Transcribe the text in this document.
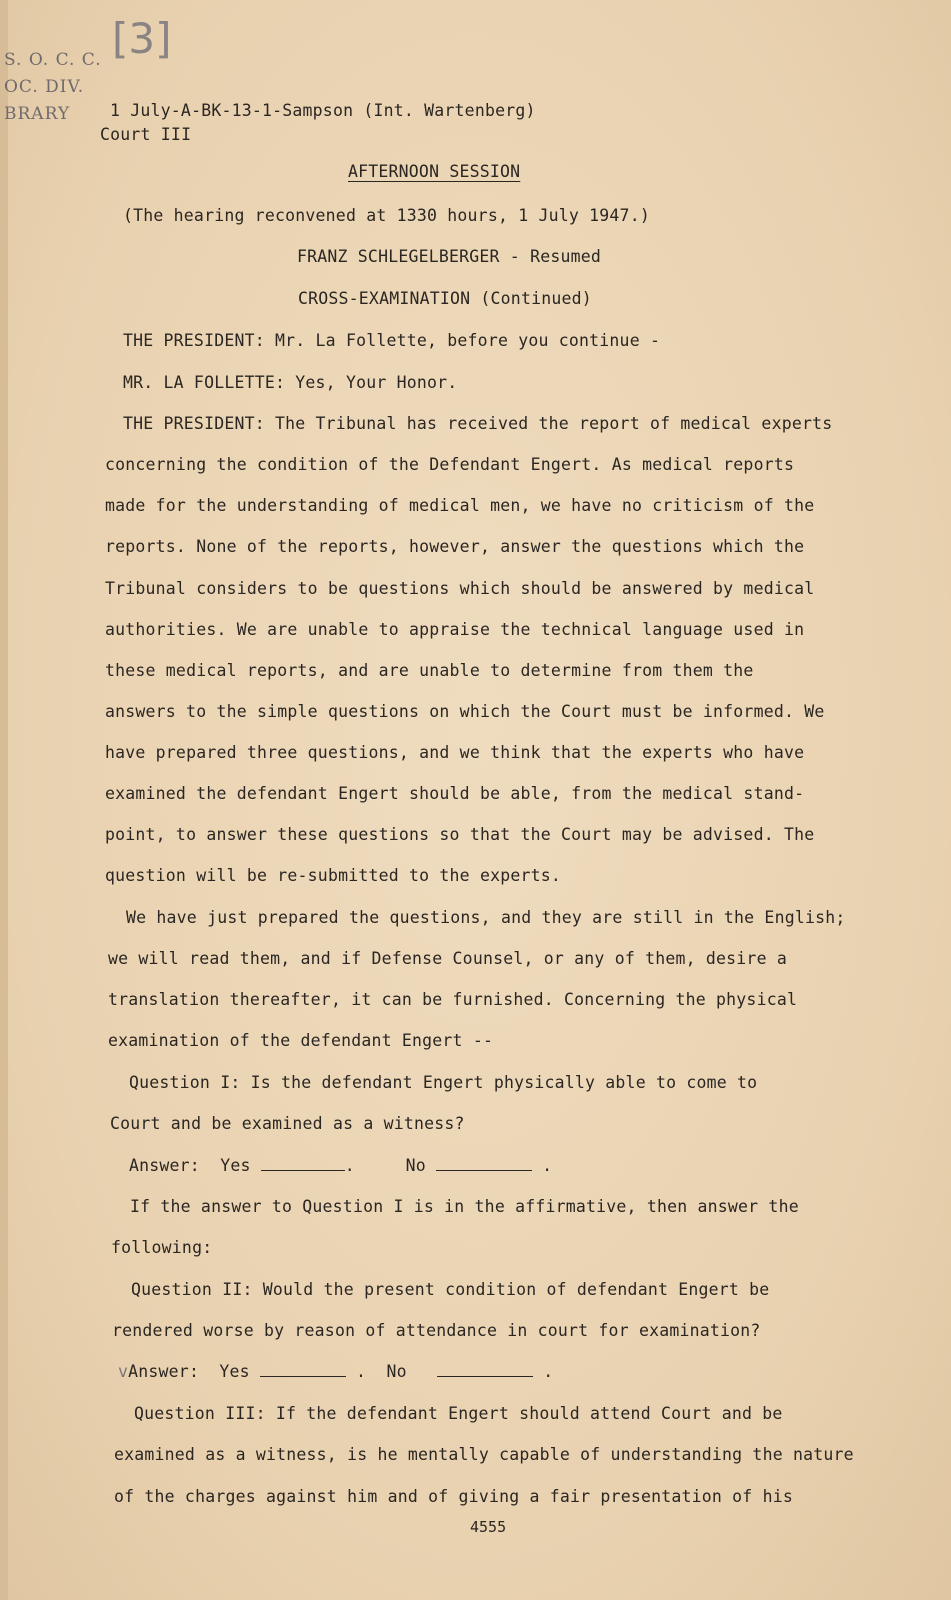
S. O. C. C.
OC. DIV.
BRARY
[3]
1 July-A-BK-13-1-Sampson (Int. Wartenberg)
Court III
AFTERNOON SESSION
(The hearing reconvened at 1330 hours, 1 July 1947.)
FRANZ SCHLEGELBERGER - Resumed
CROSS-EXAMINATION (Continued)
THE PRESIDENT: Mr. La Follette, before you continue -
MR. LA FOLLETTE: Yes, Your Honor.
THE PRESIDENT: The Tribunal has received the report of medical experts
concerning the condition of the Defendant Engert. As medical reports
made for the understanding of medical men, we have no criticism of the
reports. None of the reports, however, answer the questions which the
Tribunal considers to be questions which should be answered by medical
authorities. We are unable to appraise the technical language used in
these medical reports, and are unable to determine from them the
answers to the simple questions on which the Court must be informed. We
have prepared three questions, and we think that the experts who have
examined the defendant Engert should be able, from the medical stand-
point, to answer these questions so that the Court may be advised. The
question will be re-submitted to the experts.
We have just prepared the questions, and they are still in the English;
we will read them, and if Defense Counsel, or any of them, desire a
translation thereafter, it can be furnished. Concerning the physical
examination of the defendant Engert --
Question I: Is the defendant Engert physically able to come to
Court and be examined as a witness?
Answer: Yes	.     No	.
If the answer to Question I is in the affirmative, then answer the
following:
Question II: Would the present condition of defendant Engert be
rendered worse by reason of attendance in court for examination?
vAnswer: Yes	.  No	.
Question III: If the defendant Engert should attend Court and be
examined as a witness, is he mentally capable of understanding the nature
of the charges against him and of giving a fair presentation of his
4555
